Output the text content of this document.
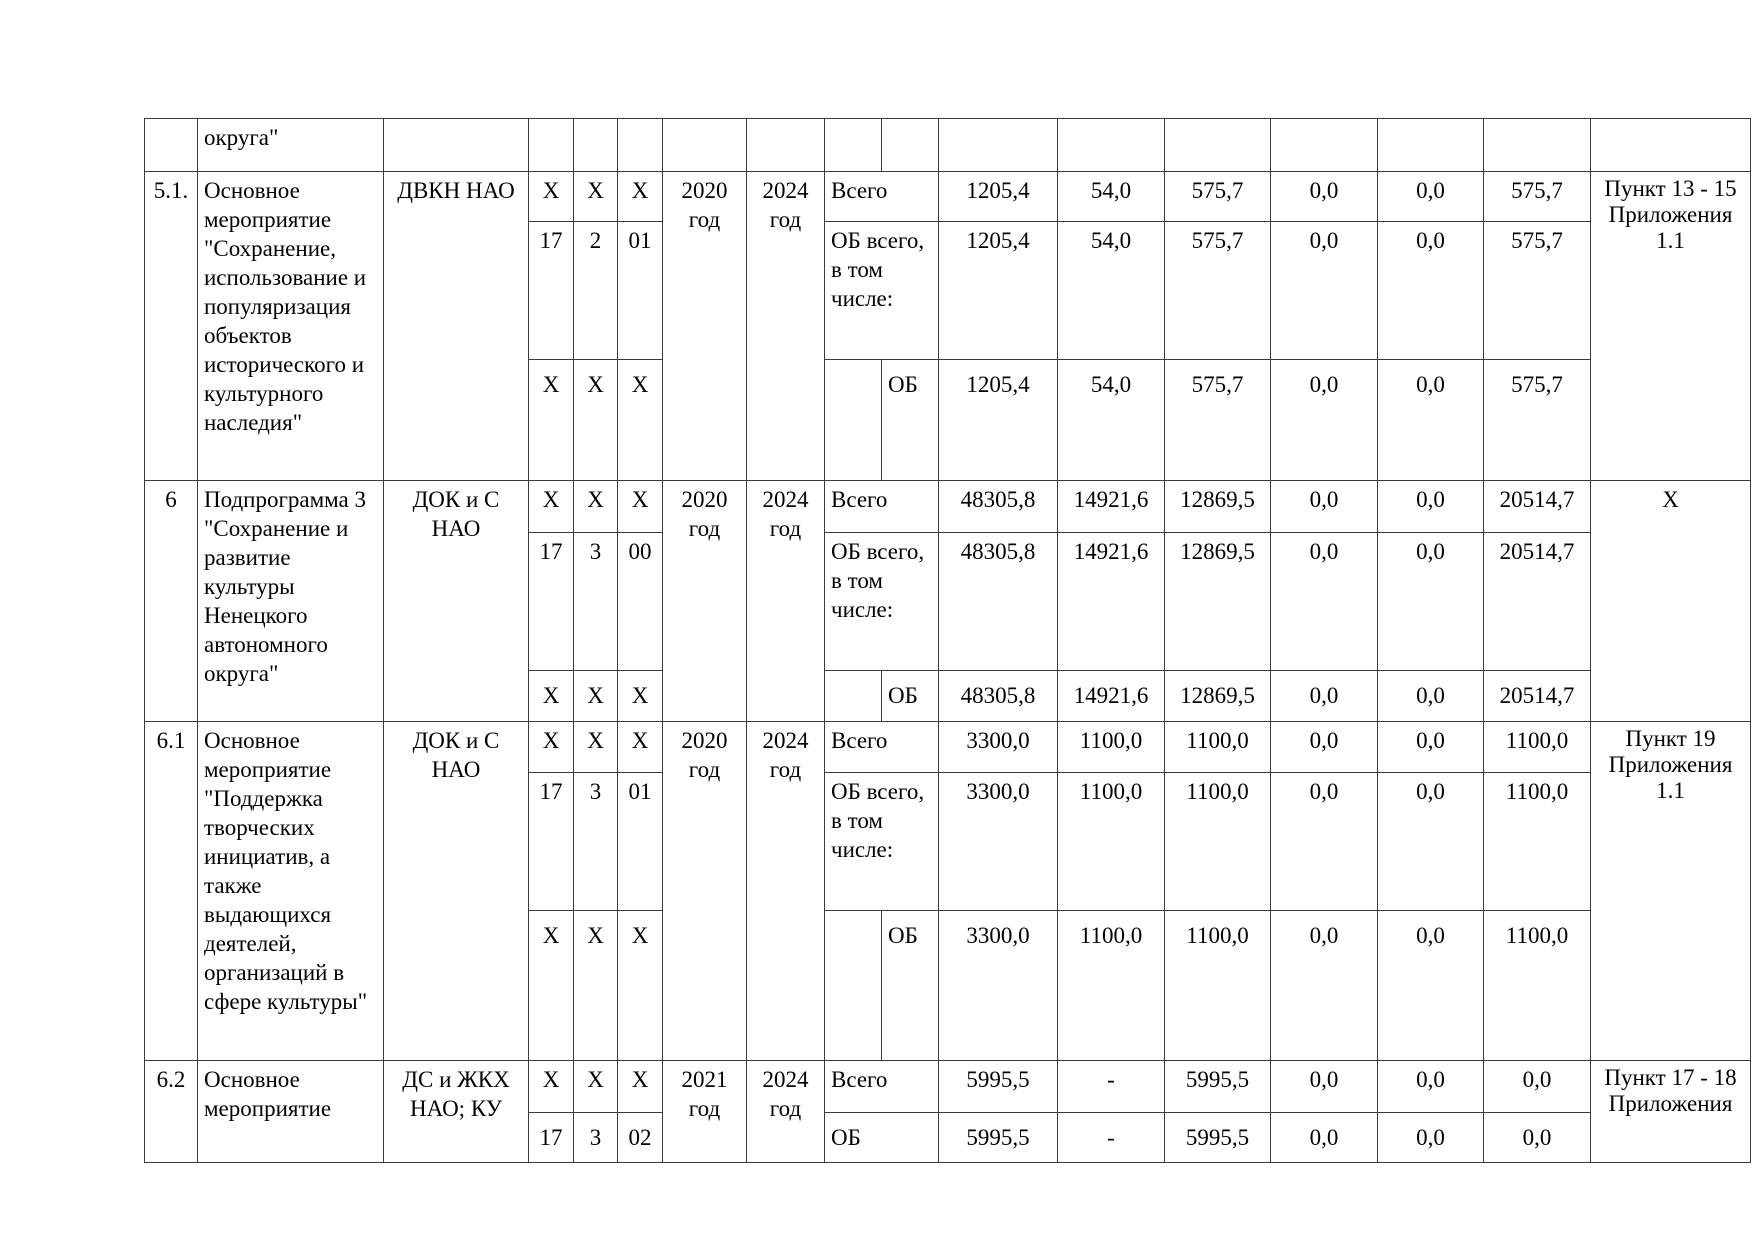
	округа"															
5.1.	Основное мероприятие "Сохранение, использование и популяризация объектов исторического и культурного наследия"	ДВКН НАО	X	X	X	2020 год	2024 год	Всего		1205,4	54,0	575,7	0,0	0,0	575,7	Пункт 13 - 15 Приложения 1.1
			17	2	01			ОБ всего, в том числе:		1205,4	54,0	575,7	0,0	0,0	575,7	
			X	X	X				ОБ	1205,4	54,0	575,7	0,0	0,0	575,7	
6	Подпрограмма 3 "Сохранение и развитие культуры Ненецкого автономного округа"	ДОК и С НАО	X	X	X	2020 год	2024 год	Всего		48305,8	14921,6	12869,5	0,0	0,0	20514,7	X
			17	3	00			ОБ всего, в том числе:		48305,8	14921,6	12869,5	0,0	0,0	20514,7	
			X	X	X				ОБ	48305,8	14921,6	12869,5	0,0	0,0	20514,7	
6.1	Основное мероприятие "Поддержка творческих инициатив, а также выдающихся деятелей, организаций в сфере культуры"	ДОК и С НАО	X	X	X	2020 год	2024 год	Всего		3300,0	1100,0	1100,0	0,0	0,0	1100,0	Пункт 19 Приложения 1.1
			17	3	01			ОБ всего, в том числе:		3300,0	1100,0	1100,0	0,0	0,0	1100,0	
			X	X	X				ОБ	3300,0	1100,0	1100,0	0,0	0,0	1100,0	
6.2	Основное мероприятие	ДС и ЖКХ НАО; КУ	X	X	X	2021 год	2024 год	Всего		5995,5	-	5995,5	0,0	0,0	0,0	Пункт 17 - 18 Приложения
			17	3	02			ОБ		5995,5	-	5995,5	0,0	0,0	0,0	
